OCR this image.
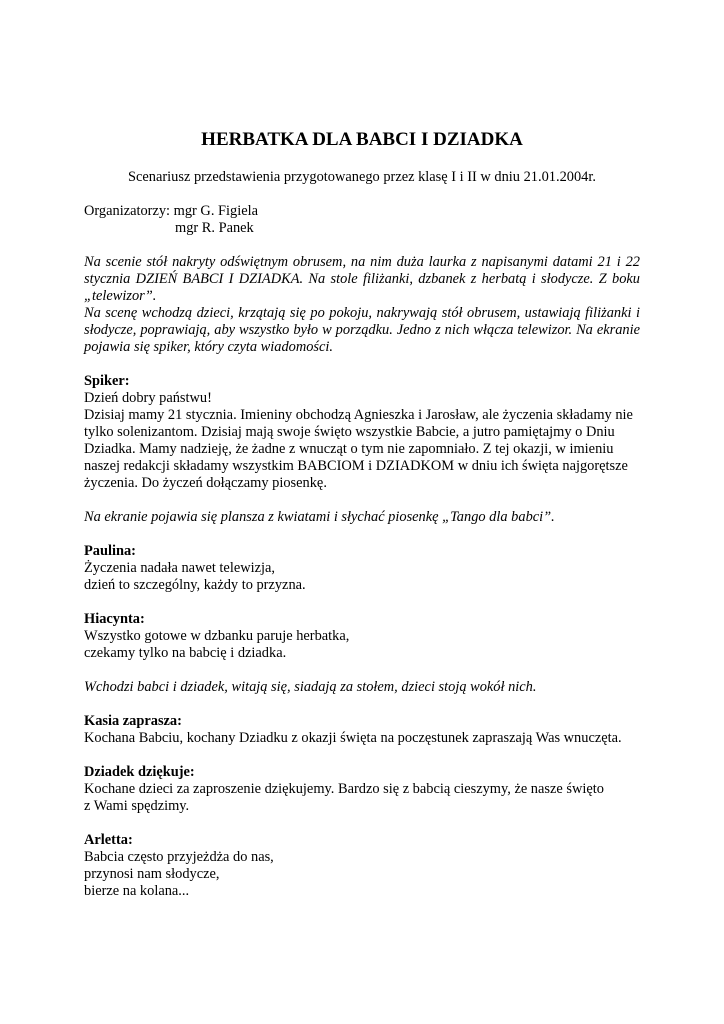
HERBATKA DLA BABCI I DZIADKA

Scenariusz przedstawienia przygotowanego przez klasę I i II w dniu 21.01.2004r.

Organizatorzy:
mgr G. Figiela
mgr R. Panek

Na scenie stół nakryty odświętnym obrusem, na nim duża laurka z napisanymi datami 21 i 22 stycznia DZIEŃ BABCI I DZIADKA. Na stole filiżanki, dzbanek z herbatą i słodycze. Z boku „telewizor”.

Na scenę wchodzą dzieci, krzątają się po pokoju, nakrywają stół obrusem, ustawiają filiżanki i słodycze, poprawiają, aby wszystko było w porządku. Jedno z nich włącza telewizor. Na ekranie pojawia się spiker, który czyta wiadomości.

Spiker:

Dzień dobry państwu!

Dzisiaj mamy 21 stycznia. Imieniny obchodzą Agnieszka i Jarosław, ale życzenia składamy nie

tylko solenizantom. Dzisiaj mają swoje święto wszystkie Babcie, a jutro pamiętajmy o Dniu

Dziadka. Mamy nadzieję, że żadne z wnucząt o tym nie zapomniało. Z tej okazji, w imieniu

naszej redakcji składamy wszystkim BABCIOM i DZIADKOM w dniu ich święta najgorętsze

życzenia. Do życzeń dołączamy piosenkę.

Na ekranie pojawia się plansza z kwiatami i słychać piosenkę „Tango dla babci”.

Paulina:

Życzenia nadała nawet telewizja,

dzień to szczególny, każdy to przyzna.

Hiacynta:

Wszystko gotowe w dzbanku paruje herbatka,

czekamy tylko na babcię i dziadka.

Wchodzi babci i dziadek, witają się, siadają za stołem, dzieci stoją wokół nich.

Kasia zaprasza:

Kochana Babciu, kochany Dziadku z okazji święta na poczęstunek zapraszają Was wnuczęta.

Dziadek dziękuje:

Kochane dzieci za zaproszenie dziękujemy. Bardzo się z babcią cieszymy, że nasze święto

z Wami spędzimy.

Arletta:

Babcia często przyjeżdża do nas,

przynosi nam słodycze,

bierze na kolana...
